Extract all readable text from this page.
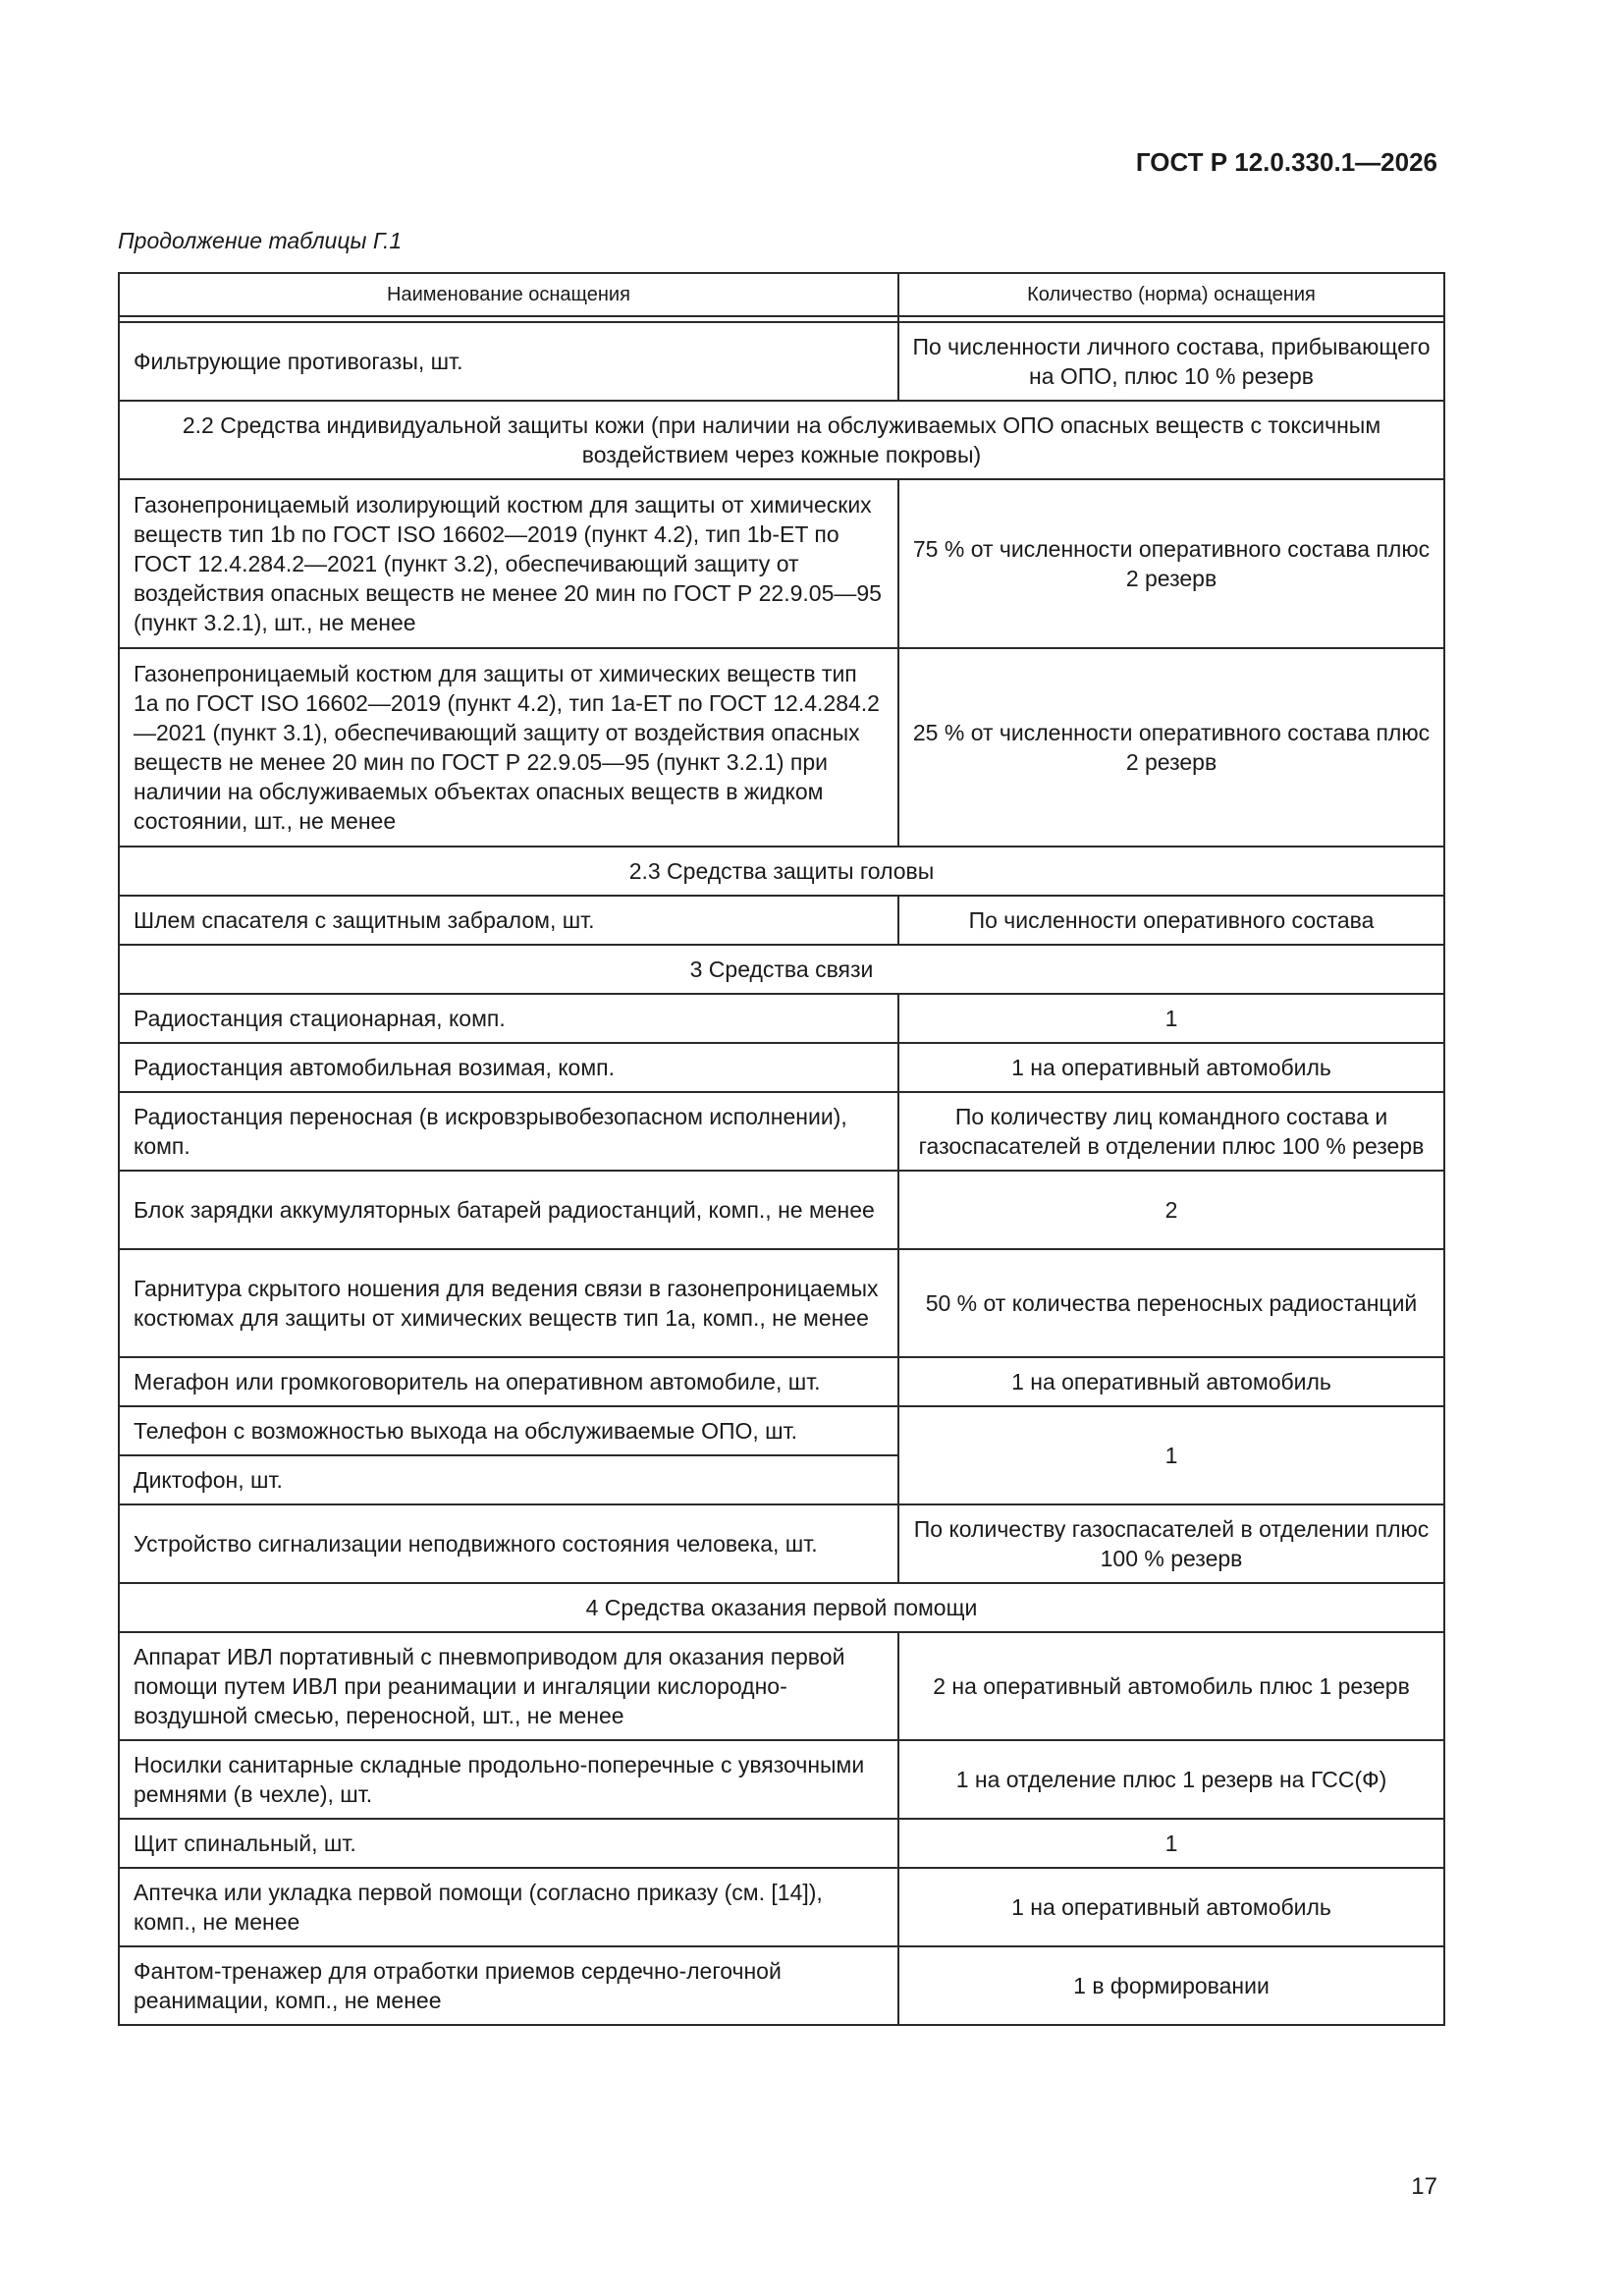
ГОСТ Р 12.0.330.1—2026
Продолжение таблицы Г.1
Наименование оснащения	Количество (норма) оснащения

Фильтрующие противогазы, шт.	По численности личного состава, прибывающего на ОПО, плюс 10 % резерв
2.2 Средства индивидуальной защиты кожи (при наличии на обслуживаемых ОПО опасных веществ с токсичным воздействием через кожные покровы)	
Газонепроницаемый изолирующий костюм для защиты от химических веществ тип 1b по ГОСТ ISO 16602—2019 (пункт 4.2), тип 1b-ET по ГОСТ 12.4.284.2—2021 (пункт 3.2), обеспечивающий защиту от воздействия опасных веществ не менее 20 мин по ГОСТ Р 22.9.05—95 (пункт 3.2.1), шт., не менее	75 % от численности оперативного состава плюс 2 резерв
Газонепроницаемый костюм для защиты от химических веществ тип 1а по ГОСТ ISO 16602—2019 (пункт 4.2), тип 1а-ET по ГОСТ 12.4.284.2—2021 (пункт 3.1), обеспечивающий защиту от воздействия опасных веществ не менее 20 мин по ГОСТ Р 22.9.05—95 (пункт 3.2.1) при наличии на обслуживаемых объектах опасных веществ в жидком состоянии, шт., не менее	25 % от численности оперативного состава плюс 2 резерв
2.3 Средства защиты головы	
Шлем спасателя с защитным забралом, шт.	По численности оперативного состава
3 Средства связи	
Радиостанция стационарная, комп.	1
Радиостанция автомобильная возимая, комп.	1 на оперативный автомобиль
Радиостанция переносная (в искровзрывобезопасном исполнении), комп.	По количеству лиц командного состава и газоспасателей в отделении плюс 100 % резерв
Блок зарядки аккумуляторных батарей радиостанций, комп., не менее	2
Гарнитура скрытого ношения для ведения связи в газонепроницаемых костюмах для защиты от химических веществ тип 1а, комп., не менее	50 % от количества переносных радиостанций
Мегафон или громкоговоритель на оперативном автомобиле, шт.	1 на оперативный автомобиль
Телефон с возможностью выхода на обслуживаемые ОПО, шт.	1
Диктофон, шт.	
Устройство сигнализации неподвижного состояния человека, шт.	По количеству газоспасателей в отделении плюс 100 % резерв
4 Средства оказания первой помощи	
Аппарат ИВЛ портативный с пневмоприводом для оказания первой помощи путем ИВЛ при реанимации и ингаляции кислородно-воздушной смесью, переносной, шт., не менее	2 на оперативный автомобиль плюс 1 резерв
Носилки санитарные складные продольно-поперечные с увязочными ремнями (в чехле), шт.	1 на отделение плюс 1 резерв на ГСС(Ф)
Щит спинальный, шт.	1
Аптечка или укладка первой помощи (согласно приказу (см. [14]), комп., не менее	1 на оперативный автомобиль
Фантом-тренажер для отработки приемов сердечно-легочной реанимации, комп., не менее	1 в формировании
17
